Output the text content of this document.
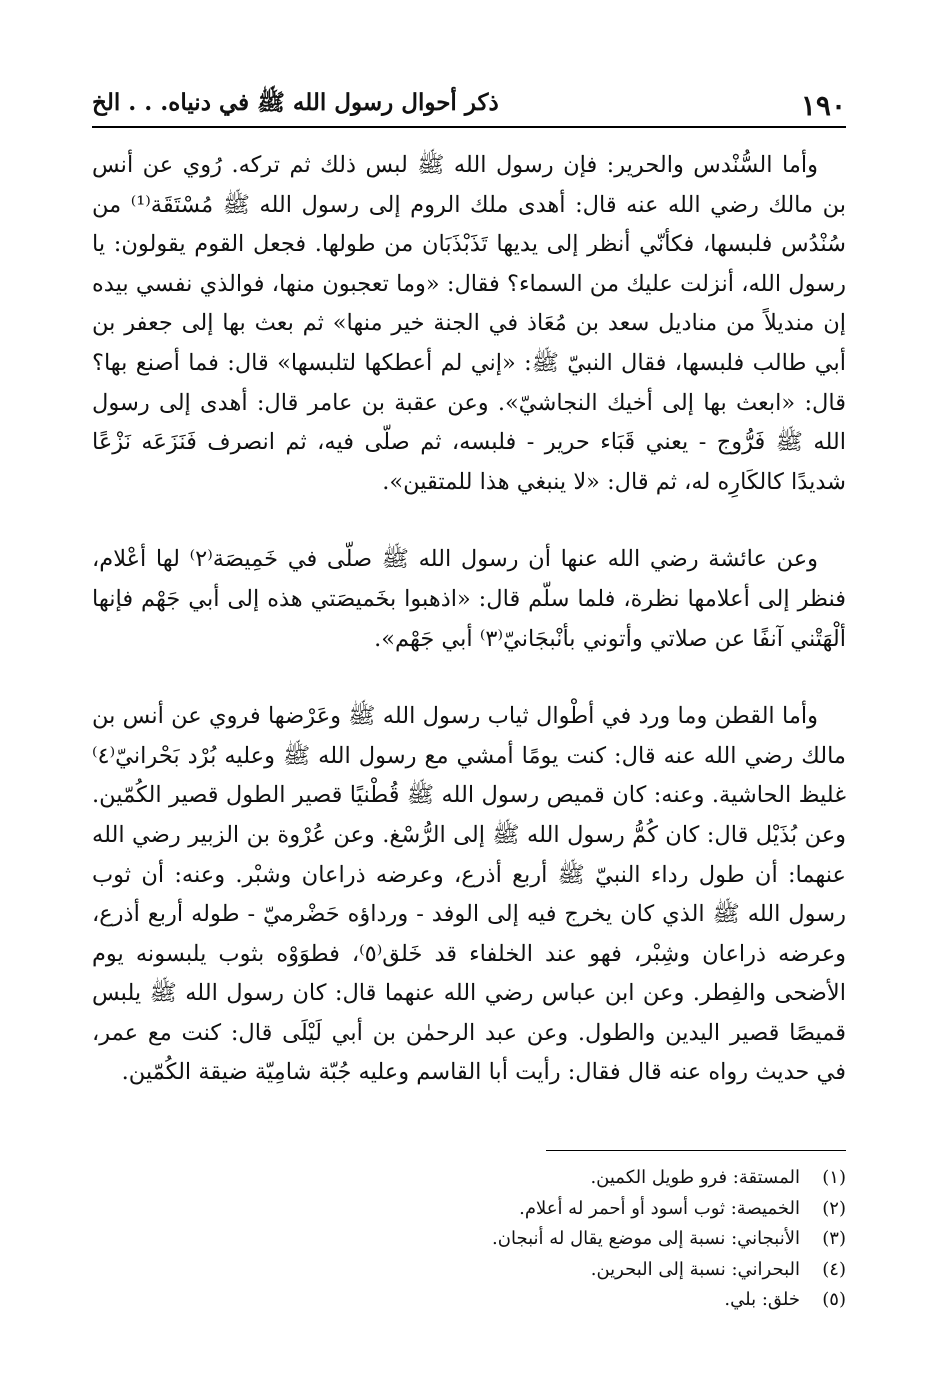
١٩٠
ذكر أحوال رسول الله ﷺ في دنياه. . . الخ

وأما السُّنْدس والحرير: فإن رسول الله ﷺ لبس ذلك ثم تركه. رُوي عن أنس بن مالك رضي الله عنه قال: أهدى ملك الروم إلى رسول الله ﷺ مُسْتَقَة⁽¹⁾ من سُنْدُس فلبسها، فكأنّي أنظر إلى يديها تَذَبْذَبَان من طولها. فجعل القوم يقولون: يا رسول الله، أنزلت عليك من السماء؟ فقال: «وما تعجبون منها، فوالذي نفسي بيده إن منديلاً من مناديل سعد بن مُعَاذ في الجنة خير منها» ثم بعث بها إلى جعفر بن أبي طالب فلبسها، فقال النبيّ ﷺ: «إني لم أعطكها لتلبسها» قال: فما أصنع بها؟ قال: «ابعث بها إلى أخيك النجاشيّ». وعن عقبة بن عامر قال: أهدى إلى رسول الله ﷺ فَرُّوج - يعني قَبَاء حرير - فلبسه، ثم صلّى فيه، ثم انصرف فَنَزَعَه نَزْعًا شديدًا كالكَارِه له، ثم قال: «لا ينبغي هذا للمتقين».

وعن عائشة رضي الله عنها أن رسول الله ﷺ صلّى في خَمِيصَة⁽٢⁾ لها أعْلام، فنظر إلى أعلامها نظرة، فلما سلّم قال: «اذهبوا بخَميصَتي هذه إلى أبي جَهْم فإنها ألْهَتْني آنفًا عن صلاتي وأتوني بأنْبجَانيّ⁽٣⁾ أبي جَهْم».

وأما القطن وما ورد في أطْوال ثياب رسول الله ﷺ وعَرْضها فروي عن أنس بن مالك رضي الله عنه قال: كنت يومًا أمشي مع رسول الله ﷺ وعليه بُرْد بَحْرانيّ⁽٤⁾ غليظ الحاشية. وعنه: كان قميص رسول الله ﷺ قُطْنيًا قصير الطول قصير الكُمّين. وعن بُذَيْل قال: كان كُمُّ رسول الله ﷺ إلى الرُّسْغ. وعن عُرْوة بن الزبير رضي الله عنهما: أن طول رداء النبيّ ﷺ أربع أذرع، وعرضه ذراعان وشبْر. وعنه: أن ثوب رسول الله ﷺ الذي كان يخرج فيه إلى الوفد - ورداؤه حَضْرميّ - طوله أربع أذرع، وعرضه ذراعان وشِبْر، فهو عند الخلفاء قد خَلق⁽٥⁾، فطوَوْه بثوب يلبسونه يوم الأضحى والفِطر. وعن ابن عباس رضي الله عنهما قال: كان رسول الله ﷺ يلبس قميصًا قصير اليدين والطول. وعن عبد الرحمٰن بن أبي لَيْلَى قال: كنت مع عمر، في حديث رواه عنه قال فقال: رأيت أبا القاسم وعليه جُبّة شامِيّة ضيقة الكُمّين.

(١)
المستقة: فرو طويل الكمين.
(٢)
الخميصة: ثوب أسود أو أحمر له أعلام.
(٣)
الأنبجاني: نسبة إلى موضع يقال له أنبجان.
(٤)
البحراني: نسبة إلى البحرين.
(٥)
خلق: بلي.
